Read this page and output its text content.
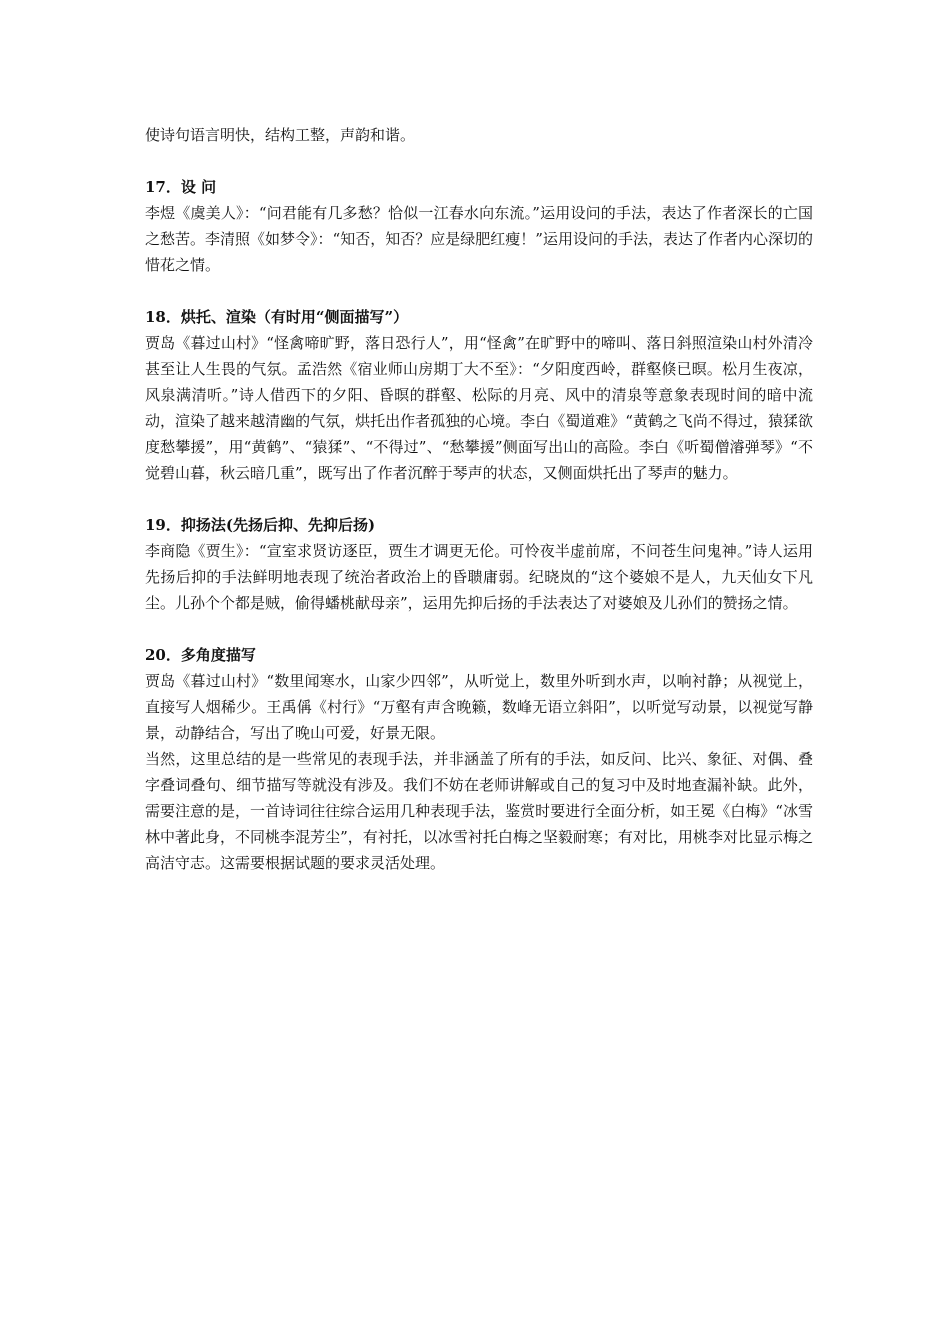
使诗句语言明快，结构工整，声韵和谐。

17．设 问

李煜《虞美人》：“问君能有几多愁？恰似一江春水向东流。”运用设问的手法，表达了作者深长的亡国之愁苦。李清照《如梦令》：“知否，知否？应是绿肥红瘦！”运用设问的手法，表达了作者内心深切的惜花之情。

18．烘托、渲染（有时用“侧面描写”）

贾岛《暮过山村》“怪禽啼旷野，落日恐行人”，用“怪禽”在旷野中的啼叫、落日斜照渲染山村外清冷甚至让人生畏的气氛。孟浩然《宿业师山房期丁大不至》：“夕阳度西岭，群壑倏已暝。松月生夜凉，风泉满清听。”诗人借西下的夕阳、昏暝的群壑、松际的月亮、风中的清泉等意象表现时间的暗中流动，渲染了越来越清幽的气氛，烘托出作者孤独的心境。李白《蜀道难》“黄鹤之飞尚不得过，猿猱欲度愁攀援”，用“黄鹤”、“猿猱”、“不得过”、“愁攀援”侧面写出山的高险。李白《听蜀僧濬弹琴》“不觉碧山暮，秋云暗几重”，既写出了作者沉醉于琴声的状态，又侧面烘托出了琴声的魅力。

19．抑扬法(先扬后抑、先抑后扬)

李商隐《贾生》：“宣室求贤访逐臣，贾生才调更无伦。可怜夜半虚前席，不问苍生问鬼神。”诗人运用先扬后抑的手法鲜明地表现了统治者政治上的昏聩庸弱。纪晓岚的“这个婆娘不是人，九天仙女下凡尘。儿孙个个都是贼，偷得蟠桃献母亲”，运用先抑后扬的手法表达了对婆娘及儿孙们的赞扬之情。

20．多角度描写

贾岛《暮过山村》“数里闻寒水，山家少四邻”，从听觉上，数里外听到水声，以响衬静；从视觉上，直接写人烟稀少。王禹偁《村行》“万壑有声含晚籁，数峰无语立斜阳”，以听觉写动景，以视觉写静景，动静结合，写出了晚山可爱，好景无限。

当然，这里总结的是一些常见的表现手法，并非涵盖了所有的手法，如反问、比兴、象征、对偶、叠字叠词叠句、细节描写等就没有涉及。我们不妨在老师讲解或自己的复习中及时地查漏补缺。此外，需要注意的是，一首诗词往往综合运用几种表现手法，鉴赏时要进行全面分析，如王冕《白梅》“冰雪林中著此身，不同桃李混芳尘”，有衬托，以冰雪衬托白梅之坚毅耐寒；有对比，用桃李对比显示梅之高洁守志。这需要根据试题的要求灵活处理。
